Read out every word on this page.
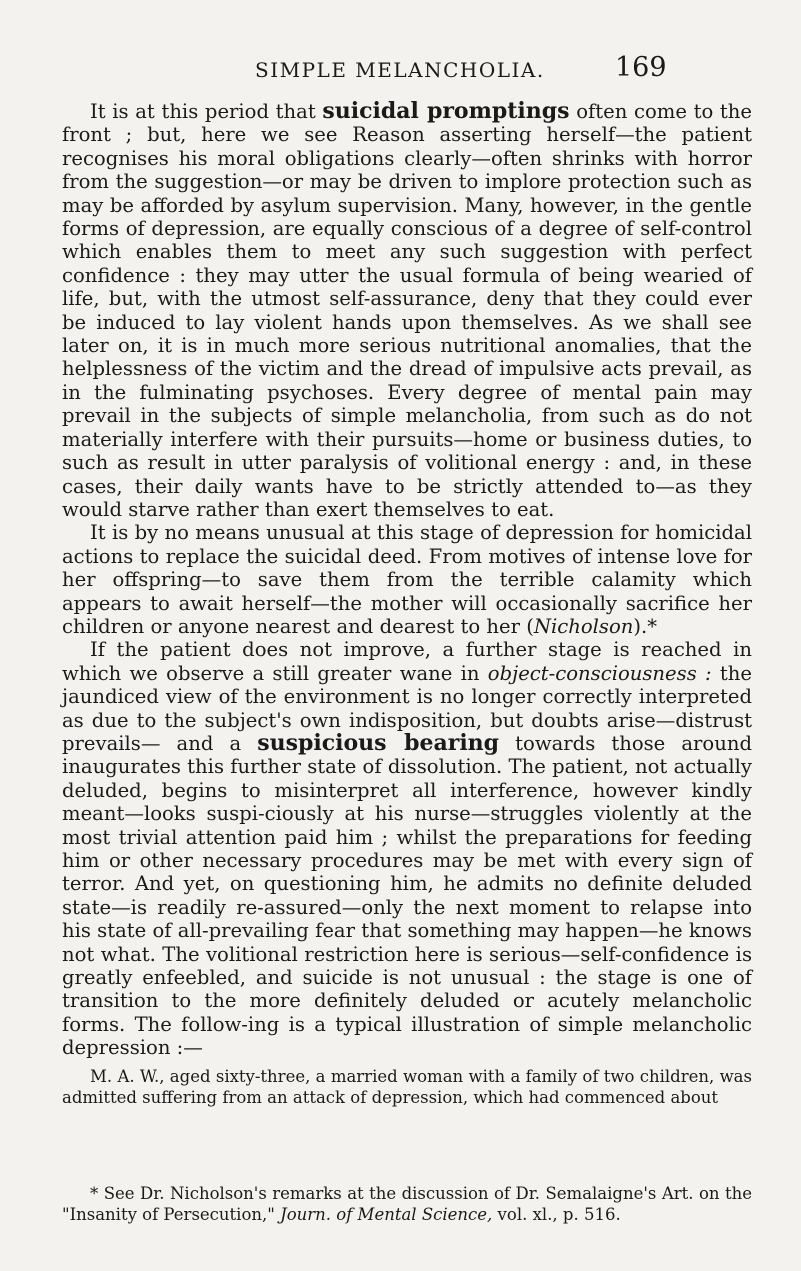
SIMPLE MELANCHOLIA.	169

It is at this period that suicidal promptings often come to the front ; but, here we see Reason asserting herself—the patient recognises his moral obligations clearly—often shrinks with horror from the suggestion—or may be driven to implore protection such as may be afforded by asylum supervision. Many, however, in the gentle forms of depression, are equally conscious of a degree of self-control which enables them to meet any such suggestion with perfect confidence : they may utter the usual formula of being wearied of life, but, with the utmost self-assurance, deny that they could ever be induced to lay violent hands upon themselves. As we shall see later on, it is in much more serious nutritional anomalies, that the helplessness of the victim and the dread of impulsive acts prevail, as in the fulminating psychoses. Every degree of mental pain may prevail in the subjects of simple melancholia, from such as do not materially interfere with their pursuits—home or business duties, to such as result in utter paralysis of volitional energy : and, in these cases, their daily wants have to be strictly attended to—as they would starve rather than exert themselves to eat.

It is by no means unusual at this stage of depression for homicidal actions to replace the suicidal deed. From motives of intense love for her offspring—to save them from the terrible calamity which appears to await herself—the mother will occasionally sacrifice her children or anyone nearest and dearest to her (Nicholson).*

If the patient does not improve, a further stage is reached in which we observe a still greater wane in object-consciousness : the jaundiced view of the environment is no longer correctly interpreted as due to the subject's own indisposition, but doubts arise—distrust prevails— and a suspicious bearing towards those around inaugurates this further state of dissolution. The patient, not actually deluded, begins to misinterpret all interference, however kindly meant—looks suspi-ciously at his nurse—struggles violently at the most trivial attention paid him ; whilst the preparations for feeding him or other necessary procedures may be met with every sign of terror. And yet, on questioning him, he admits no definite deluded state—is readily re-assured—only the next moment to relapse into his state of all-prevailing fear that something may happen—he knows not what. The volitional restriction here is serious—self-confidence is greatly enfeebled, and suicide is not unusual : the stage is one of transition to the more definitely deluded or acutely melancholic forms. The follow-ing is a typical illustration of simple melancholic depression :—

M. A. W., aged sixty-three, a married woman with a family of two children, was admitted suffering from an attack of depression, which had commenced about

* See Dr. Nicholson's remarks at the discussion of Dr. Semalaigne's Art. on the "Insanity of Persecution," Journ. of Mental Science, vol. xl., p. 516.
